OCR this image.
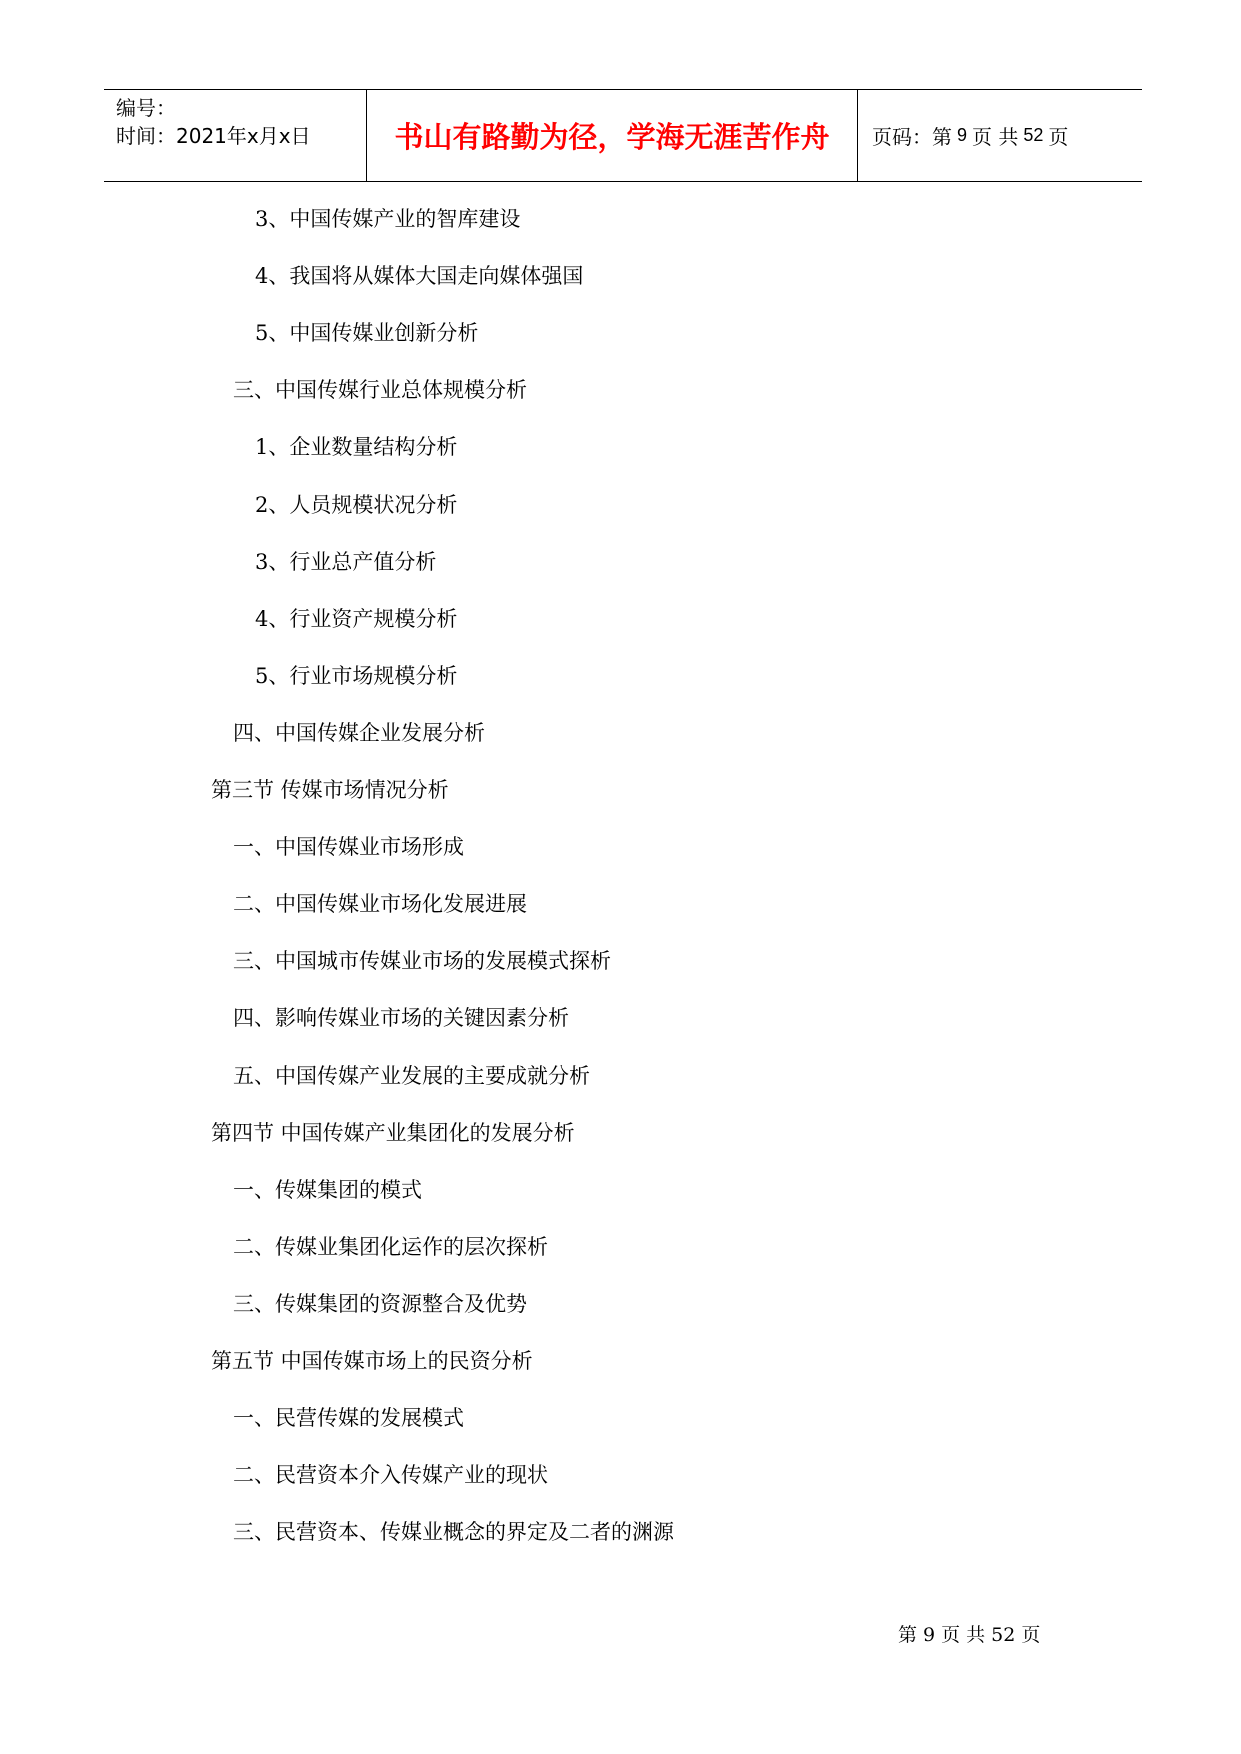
编号：
时间：2021年x月x日	书山有路勤为径，学海无涯苦作舟	页码：第 9 页 共 52 页
3、中国传媒产业的智库建设
4、我国将从媒体大国走向媒体强国
5、中国传媒业创新分析
三、中国传媒行业总体规模分析
1、企业数量结构分析
2、人员规模状况分析
3、行业总产值分析
4、行业资产规模分析
5、行业市场规模分析
四、中国传媒企业发展分析
第三节 传媒市场情况分析
一、中国传媒业市场形成
二、中国传媒业市场化发展进展
三、中国城市传媒业市场的发展模式探析
四、影响传媒业市场的关键因素分析
五、中国传媒产业发展的主要成就分析
第四节 中国传媒产业集团化的发展分析
一、传媒集团的模式
二、传媒业集团化运作的层次探析
三、传媒集团的资源整合及优势
第五节 中国传媒市场上的民资分析
一、民营传媒的发展模式
二、民营资本介入传媒产业的现状
三、民营资本、传媒业概念的界定及二者的渊源
第 9 页 共 52 页
